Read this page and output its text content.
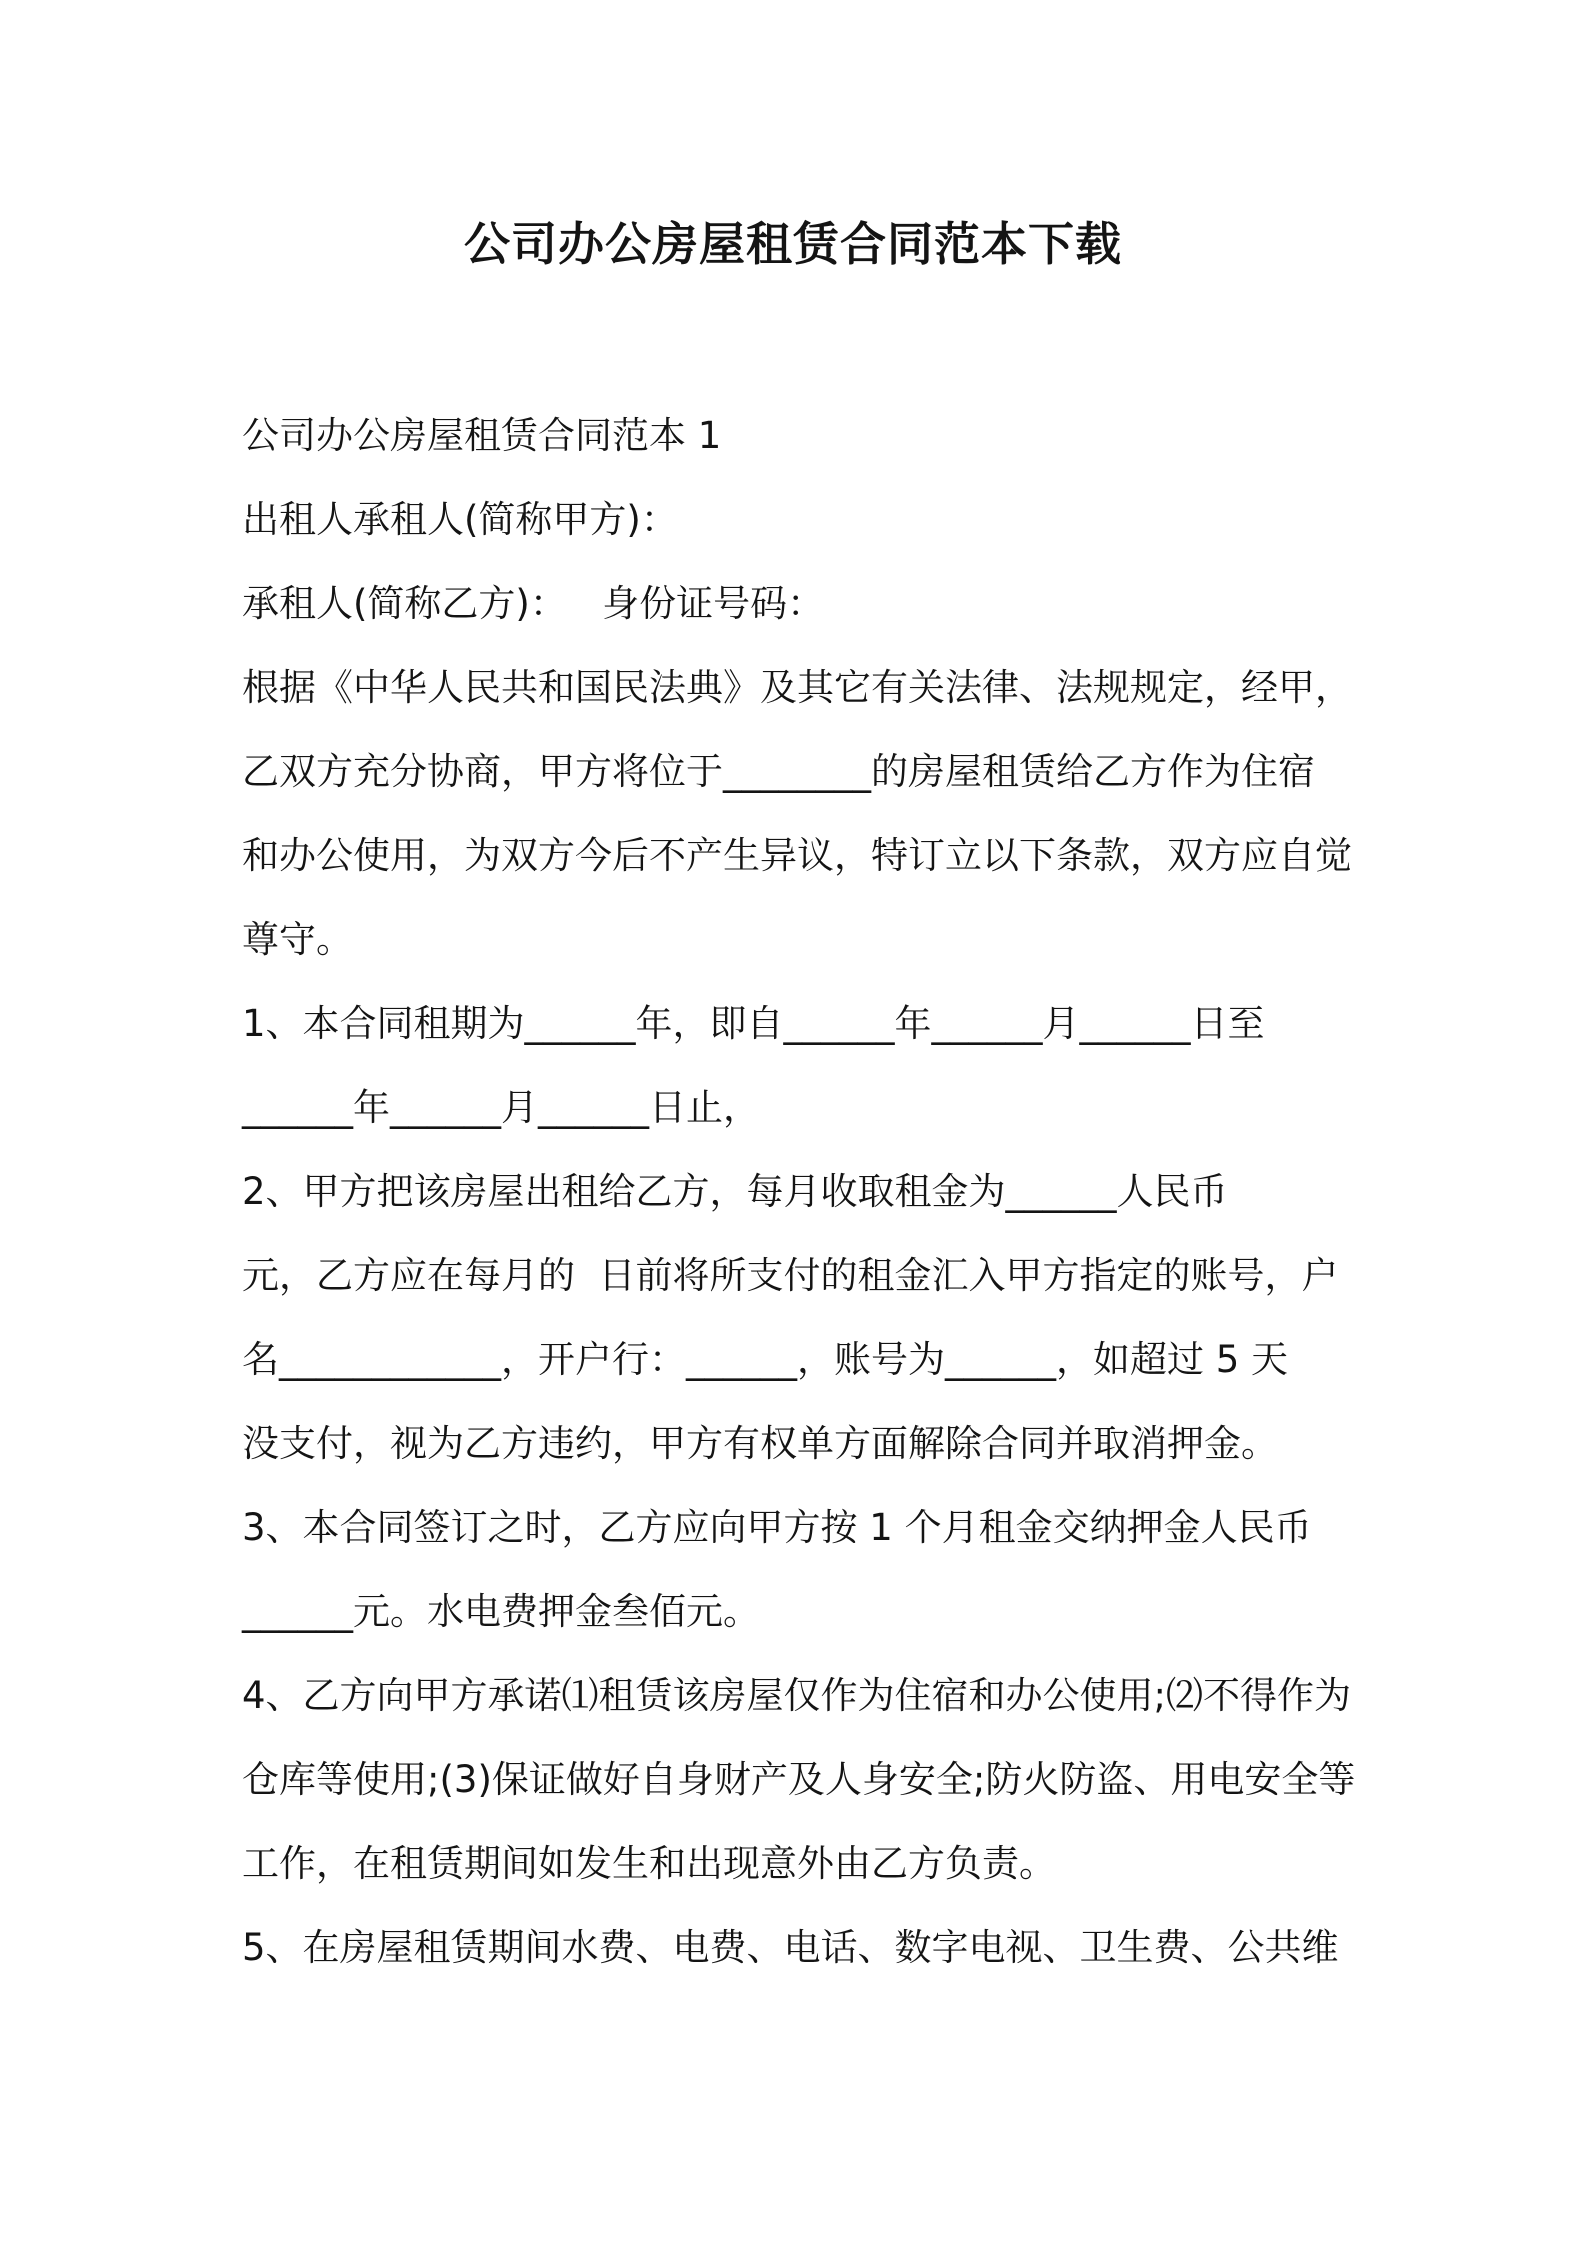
公司办公房屋租赁合同范本下载
公司办公房屋租赁合同范本 1
出租人承租人(简称甲方)：
承租人(简称乙方)：   身份证号码：
根据《中华人民共和国民法典》及其它有关法律、法规规定，经甲，
乙双方充分协商，甲方将位于________的房屋租赁给乙方作为住宿
和办公使用，为双方今后不产生异议，特订立以下条款，双方应自觉
尊守。
1、本合同租期为______年，即自______年______月______日至
______年______月______日止，
2、甲方把该房屋出租给乙方，每月收取租金为______人民币
元，乙方应在每月的  日前将所支付的租金汇入甲方指定的账号，户
名____________，开户行：______，账号为______，如超过 5 天
没支付，视为乙方违约，甲方有权单方面解除合同并取消押金。
3、本合同签订之时，乙方应向甲方按 1 个月租金交纳押金人民币
______元。水电费押金叁佰元。
4、乙方向甲方承诺⑴租赁该房屋仅作为住宿和办公使用;⑵不得作为
仓库等使用;(3)保证做好自身财产及人身安全;防火防盗、用电安全等
工作，在租赁期间如发生和出现意外由乙方负责。
5、在房屋租赁期间水费、电费、电话、数字电视、卫生费、公共维
